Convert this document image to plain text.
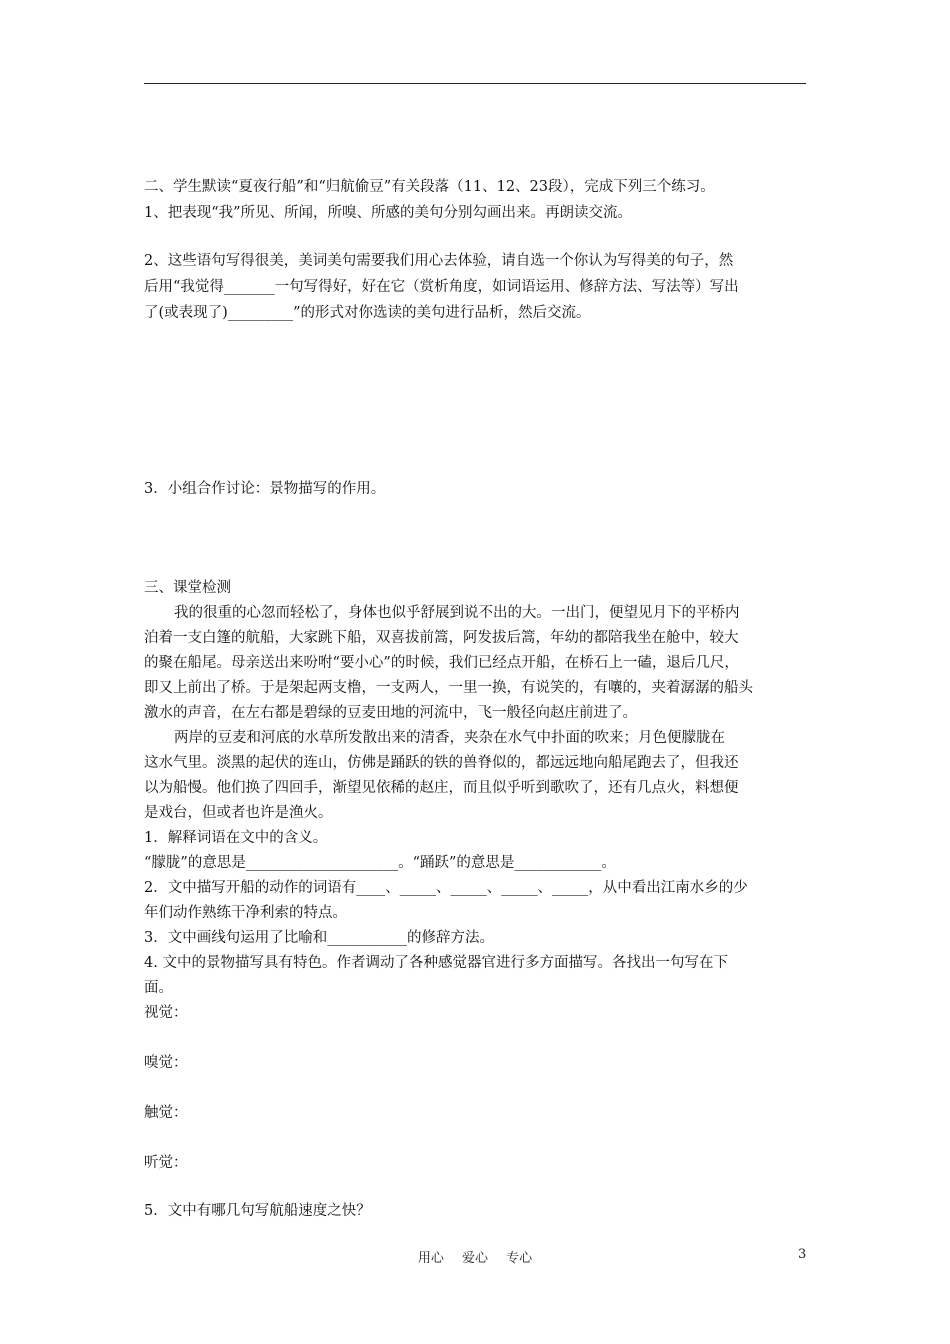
二、学生默读“夏夜行船”和“归航偷豆”有关段落（11、12、23段），完成下列三个练习。
1、把表现“我”所见、所闻，所嗅、所感的美句分别勾画出来。再朗读交流。
2、这些语句写得很美，美词美句需要我们用心去体验，请自选一个你认为写得美的句子，然
后用“我觉得_______一句写得好，好在它（赏析角度，如词语运用、修辞方法、写法等）写出
了(或表现了)_________”的形式对你选读的美句进行品析，然后交流。
3．小组合作讨论：景物描写的作用。
三、课堂检测
我的很重的心忽而轻松了，身体也似乎舒展到说不出的大。一出门，便望见月下的平桥内
泊着一支白篷的航船，大家跳下船，双喜拔前篙，阿发拔后篙，年幼的都陪我坐在舱中，较大
的聚在船尾。母亲送出来吩咐“要小心”的时候，我们已经点开船，在桥石上一磕，退后几尺，
即又上前出了桥。于是架起两支橹，一支两人，一里一换，有说笑的，有嚷的，夹着潺潺的船头
激水的声音，在左右都是碧绿的豆麦田地的河流中，飞一般径向赵庄前进了。
两岸的豆麦和河底的水草所发散出来的清香，夹杂在水气中扑面的吹来；月色便朦胧在
这水气里。淡黑的起伏的连山，仿佛是踊跃的铁的兽脊似的，都远远地向船尾跑去了，但我还
以为船慢。他们换了四回手，渐望见依稀的赵庄，而且似乎听到歌吹了，还有几点火，料想便
是戏台，但或者也许是渔火。
1．解释词语在文中的含义。
“朦胧”的意思是_____________________。“踊跃”的意思是____________。
2．文中描写开船的动作的词语有____、_____、_____、_____、_____，从中看出江南水乡的少
年们动作熟练干净利索的特点。
3．文中画线句运用了比喻和___________的修辞方法。
4. 文中的景物描写具有特色。作者调动了各种感觉器官进行多方面描写。各找出一句写在下
面。
视觉：
嗅觉：
触觉：
听觉：
5．文中有哪几句写航船速度之快？
用心 爱心 专心	3
